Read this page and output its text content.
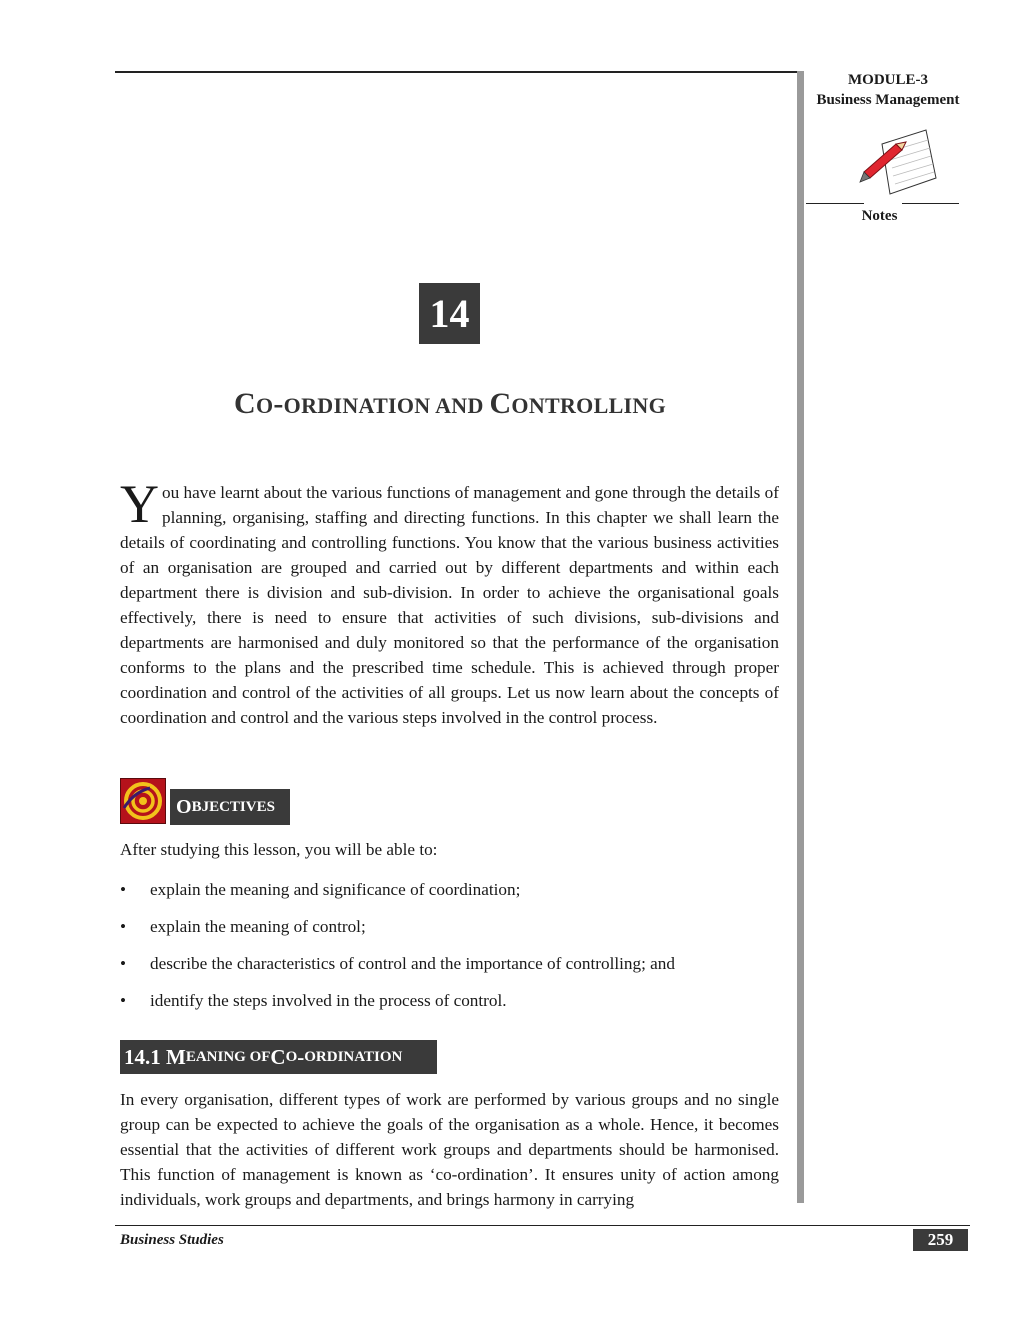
MODULE-3
Business Management
Notes
14
CO-ORDINATION AND CONTROLLING
You have learnt about the various functions of management and gone through the details of planning, organising, staffing and directing functions. In this chapter we shall learn the details of coordinating and controlling functions. You know that the various business activities of an organisation are grouped and carried out by different departments and within each department there is division and sub-division. In order to achieve the organisational goals effectively, there is need to ensure that activities of such divisions, sub-divisions and departments are harmonised and duly monitored so that the performance of the organisation conforms to the plans and the prescribed time schedule. This is achieved through proper coordination and control of the activities of all groups. Let us now learn about the concepts of coordination and control and the various steps involved in the control process.
O BJECTIVES
After studying this lesson, you will be able to:
• explain the meaning and significance of coordination;
• explain the meaning of control;
• describe the characteristics of control and the importance of controlling; and
• identify the steps involved in the process of control.
14.1 M EANING OF C O - ORDINATION
In every organisation, different types of work are performed by various groups and no single group can be expected to achieve the goals of the organisation as a whole. Hence, it becomes essential that the activities of different work groups and departments should be harmonised. This function of management is known as ‘co-ordination’. It ensures unity of action among individuals, work groups and departments, and brings harmony in carrying
Business Studies	259
